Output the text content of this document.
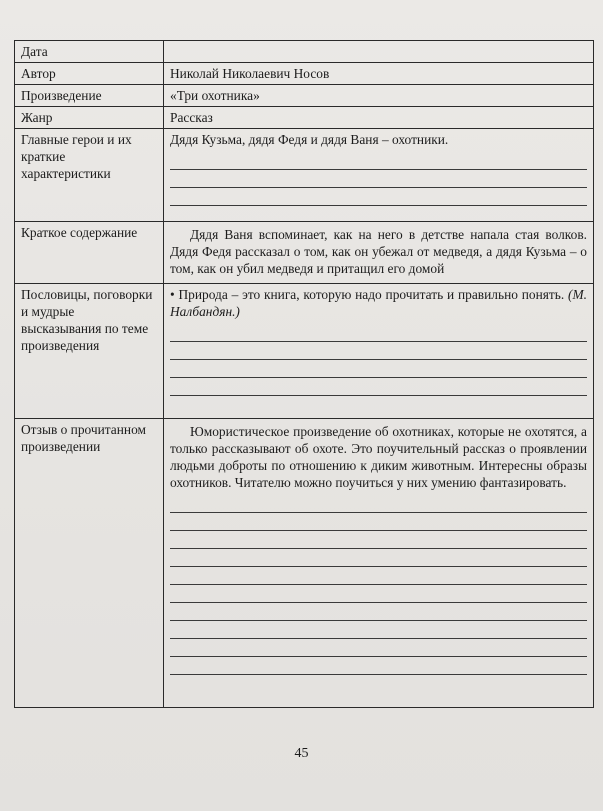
Дата	
Автор	Николай Николаевич Носов
Произведение	«Три охотника»
Жанр	Рассказ
Главные герои и их краткие характеристики	Дядя Кузьма, дядя Федя и дядя Ваня – охотники.

Краткое содержание	Дядя Ваня вспоминает, как на него в детстве напала стая волков. Дядя Федя рассказал о том, как он убежал от медведя, а дядя Кузьма – о том, как он убил медведя и притащил его домой
Пословицы, поговорки и мудрые высказывания по теме произведения	• Природа – это книга, которую надо прочитать и правильно понять. (М. Налбандян.)

Отзыв о прочитанном произведении	Юмористическое произведение об охотниках, которые не охотятся, а только рассказывают об охоте. Это поучительный рассказ о проявлении людьми доброты по отношению к диким животным. Интересны образы охотников. Читателю можно поучиться у них умению фантазировать.
45
